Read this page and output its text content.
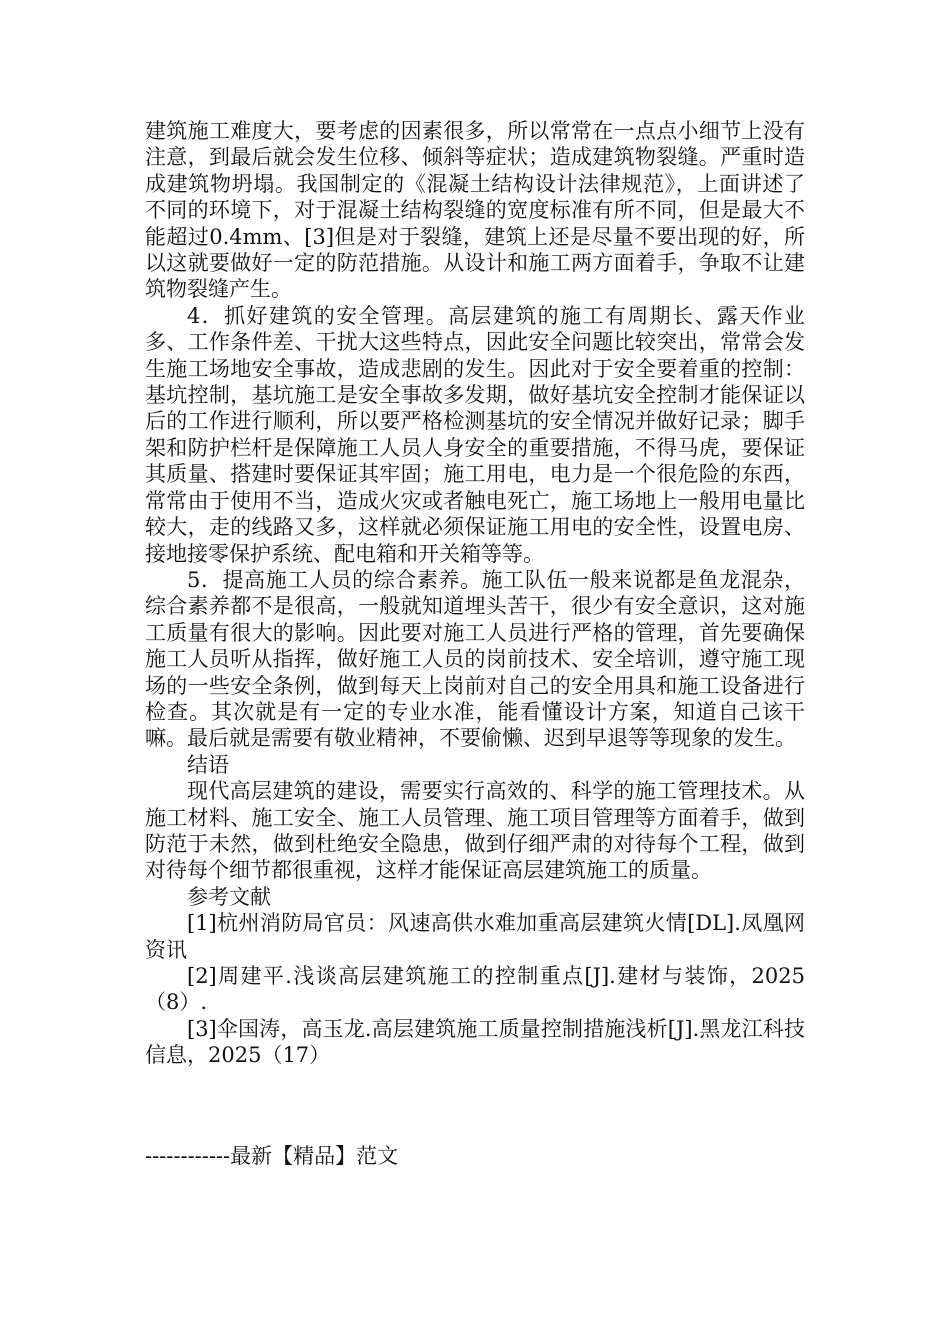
建筑施工难度大，要考虑的因素很多，所以常常在一点点小细节上没有注意，到最后就会发生位移、倾斜等症状；造成建筑物裂缝。严重时造成建筑物坍塌。我国制定的《混凝土结构设计法律规范》，上面讲述了不同的环境下，对于混凝土结构裂缝的宽度标准有所不同，但是最大不能超过0.4mm、[3]但是对于裂缝，建筑上还是尽量不要出现的好，所以这就要做好一定的防范措施。从设计和施工两方面着手，争取不让建筑物裂缝产生。

4．抓好建筑的安全管理。高层建筑的施工有周期长、露天作业多、工作条件差、干扰大这些特点，因此安全问题比较突出，常常会发生施工场地安全事故，造成悲剧的发生。因此对于安全要着重的控制：基坑控制，基坑施工是安全事故多发期，做好基坑安全控制才能保证以后的工作进行顺利，所以要严格检测基坑的安全情况并做好记录；脚手架和防护栏杆是保障施工人员人身安全的重要措施，不得马虎，要保证其质量、搭建时要保证其牢固；施工用电，电力是一个很危险的东西，常常由于使用不当，造成火灾或者触电死亡，施工场地上一般用电量比较大，走的线路又多，这样就必须保证施工用电的安全性，设置电房、接地接零保护系统、配电箱和开关箱等等。

5．提高施工人员的综合素养。施工队伍一般来说都是鱼龙混杂，综合素养都不是很高，一般就知道埋头苦干，很少有安全意识，这对施工质量有很大的影响。因此要对施工人员进行严格的管理，首先要确保施工人员听从指挥，做好施工人员的岗前技术、安全培训，遵守施工现场的一些安全条例，做到每天上岗前对自己的安全用具和施工设备进行检查。其次就是有一定的专业水准，能看懂设计方案，知道自己该干嘛。最后就是需要有敬业精神，不要偷懒、迟到早退等等现象的发生。

结语

现代高层建筑的建设，需要实行高效的、科学的施工管理技术。从施工材料、施工安全、施工人员管理、施工项目管理等方面着手，做到防范于未然，做到杜绝安全隐患，做到仔细严肃的对待每个工程，做到对待每个细节都很重视，这样才能保证高层建筑施工的质量。

参考文献

[1]杭州消防局官员：风速高供水难加重高层建筑火情[DL].凤凰网资讯

[2]周建平.浅谈高层建筑施工的控制重点[J].建材与装饰，2025（8）.

[3]伞国涛，高玉龙.高层建筑施工质量控制措施浅析[J].黑龙江科技信息，2025（17）

------------最新【精品】范文
